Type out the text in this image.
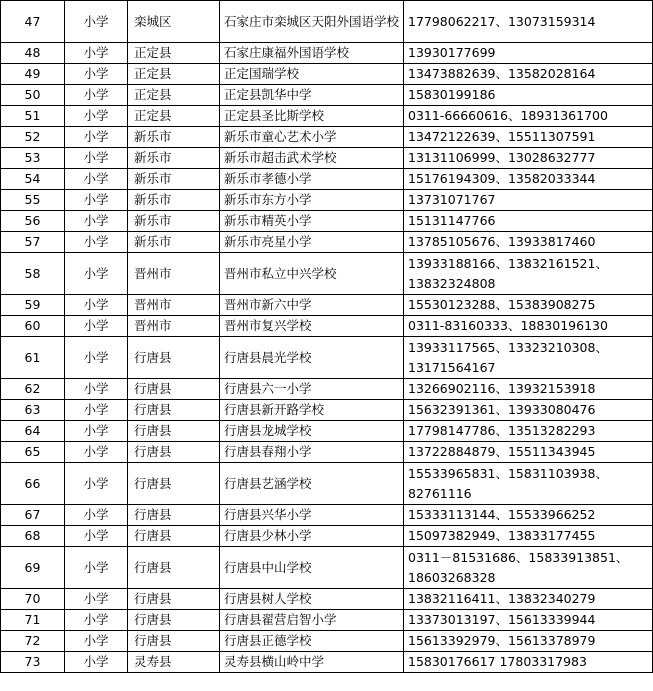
47	小学	栾城区	石家庄市栾城区天阳外国语学校	17798062217、13073159314
48	小学	正定县	石家庄康福外国语学校	13930177699
49	小学	正定县	正定国瑞学校	13473882639、13582028164
50	小学	正定县	正定县凯华中学	15830199186
51	小学	正定县	正定县圣比斯学校	0311-66660616、18931361700
52	小学	新乐市	新乐市童心艺术小学	13472122639、15511307591
53	小学	新乐市	新乐市超击武术学校	13131106999、13028632777
54	小学	新乐市	新乐市孝德小学	15176194309、13582033344
55	小学	新乐市	新乐市东方小学	13731071767
56	小学	新乐市	新乐市精英小学	15131147766
57	小学	新乐市	新乐市亮星小学	13785105676、13933817460
58	小学	晋州市	晋州市私立中兴学校	13933188166、13832161521、13832324808
59	小学	晋州市	晋州市新六中学	15530123288、15383908275
60	小学	晋州市	晋州市复兴学校	0311-83160333、18830196130
61	小学	行唐县	行唐县晨光学校	13933117565、13323210308、13171564167
62	小学	行唐县	行唐县六一小学	13266902116、13932153918
63	小学	行唐县	行唐县新开路学校	15632391361、13933080476
64	小学	行唐县	行唐县龙城学校	17798147786、13513282293
65	小学	行唐县	行唐县春翔小学	13722884879、15511343945
66	小学	行唐县	行唐县艺涵学校	15533965831、15831103938、82761116
67	小学	行唐县	行唐县兴华小学	15333113144、15533966252
68	小学	行唐县	行唐县少林小学	15097382949、13833177455
69	小学	行唐县	行唐县中山学校	0311－81531686、15833913851、18603268328
70	小学	行唐县	行唐县树人学校	13832116411、13832340279
71	小学	行唐县	行唐县翟营启智小学	13373013197、15613339944
72	小学	行唐县	行唐县正德学校	15613392979、15613378979
73	小学	灵寿县	灵寿县横山岭中学	15830176617 17803317983
